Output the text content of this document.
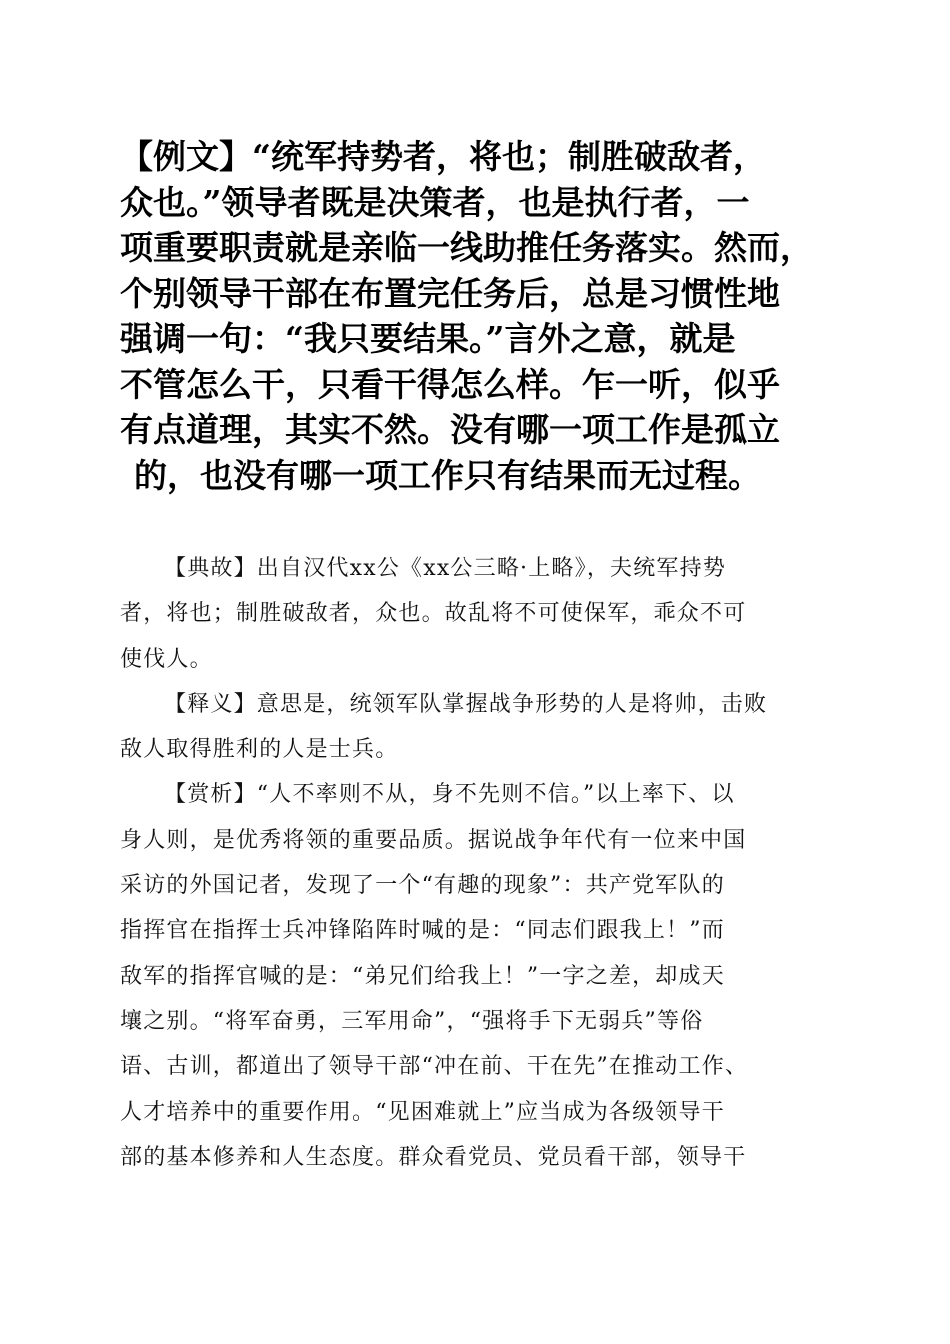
【例文】“统军持势者，将也；制胜破敌者，
众也。”领导者既是决策者，也是执行者，一
项重要职责就是亲临一线助推任务落实。然而，
个别领导干部在布置完任务后，总是习惯性地
强调一句：“我只要结果。”言外之意，就是
不管怎么干，只看干得怎么样。乍一听，似乎
有点道理，其实不然。没有哪一项工作是孤立
的，也没有哪一项工作只有结果而无过程。
【典故】出自汉代xx公《xx公三略·上略》，夫统军持势
者，将也；制胜破敌者，众也。故乱将不可使保军，乖众不可
使伐人。
【释义】意思是，统领军队掌握战争形势的人是将帅，击败
敌人取得胜利的人是士兵。
【赏析】“人不率则不从，身不先则不信。”以上率下、以
身人则，是优秀将领的重要品质。据说战争年代有一位来中国
采访的外国记者，发现了一个“有趣的现象”：共产党军队的
指挥官在指挥士兵冲锋陷阵时喊的是：“同志们跟我上！”而
敌军的指挥官喊的是：“弟兄们给我上！”一字之差，却成天
壤之别。“将军奋勇，三军用命”，“强将手下无弱兵”等俗
语、古训，都道出了领导干部“冲在前、干在先”在推动工作、
人才培养中的重要作用。“见困难就上”应当成为各级领导干
部的基本修养和人生态度。群众看党员、党员看干部，领导干
